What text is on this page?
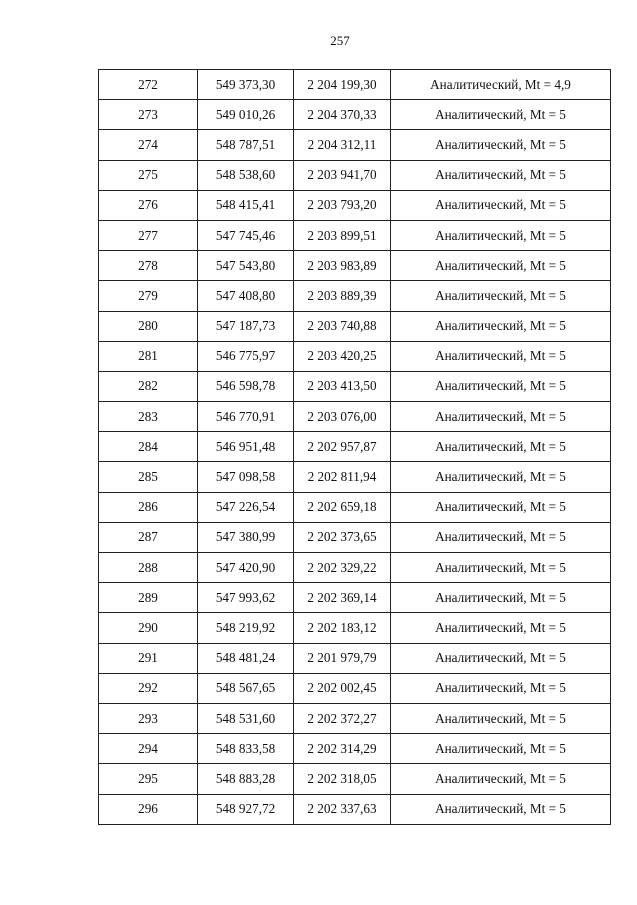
257
272	549 373,30	2 204 199,30	Аналитический, Mt = 4,9
273	549 010,26	2 204 370,33	Аналитический, Mt = 5
274	548 787,51	2 204 312,11	Аналитический, Mt = 5
275	548 538,60	2 203 941,70	Аналитический, Mt = 5
276	548 415,41	2 203 793,20	Аналитический, Mt = 5
277	547 745,46	2 203 899,51	Аналитический, Mt = 5
278	547 543,80	2 203 983,89	Аналитический, Mt = 5
279	547 408,80	2 203 889,39	Аналитический, Mt = 5
280	547 187,73	2 203 740,88	Аналитический, Mt = 5
281	546 775,97	2 203 420,25	Аналитический, Mt = 5
282	546 598,78	2 203 413,50	Аналитический, Mt = 5
283	546 770,91	2 203 076,00	Аналитический, Mt = 5
284	546 951,48	2 202 957,87	Аналитический, Mt = 5
285	547 098,58	2 202 811,94	Аналитический, Mt = 5
286	547 226,54	2 202 659,18	Аналитический, Mt = 5
287	547 380,99	2 202 373,65	Аналитический, Mt = 5
288	547 420,90	2 202 329,22	Аналитический, Mt = 5
289	547 993,62	2 202 369,14	Аналитический, Mt = 5
290	548 219,92	2 202 183,12	Аналитический, Mt = 5
291	548 481,24	2 201 979,79	Аналитический, Mt = 5
292	548 567,65	2 202 002,45	Аналитический, Mt = 5
293	548 531,60	2 202 372,27	Аналитический, Mt = 5
294	548 833,58	2 202 314,29	Аналитический, Mt = 5
295	548 883,28	2 202 318,05	Аналитический, Mt = 5
296	548 927,72	2 202 337,63	Аналитический, Mt = 5
